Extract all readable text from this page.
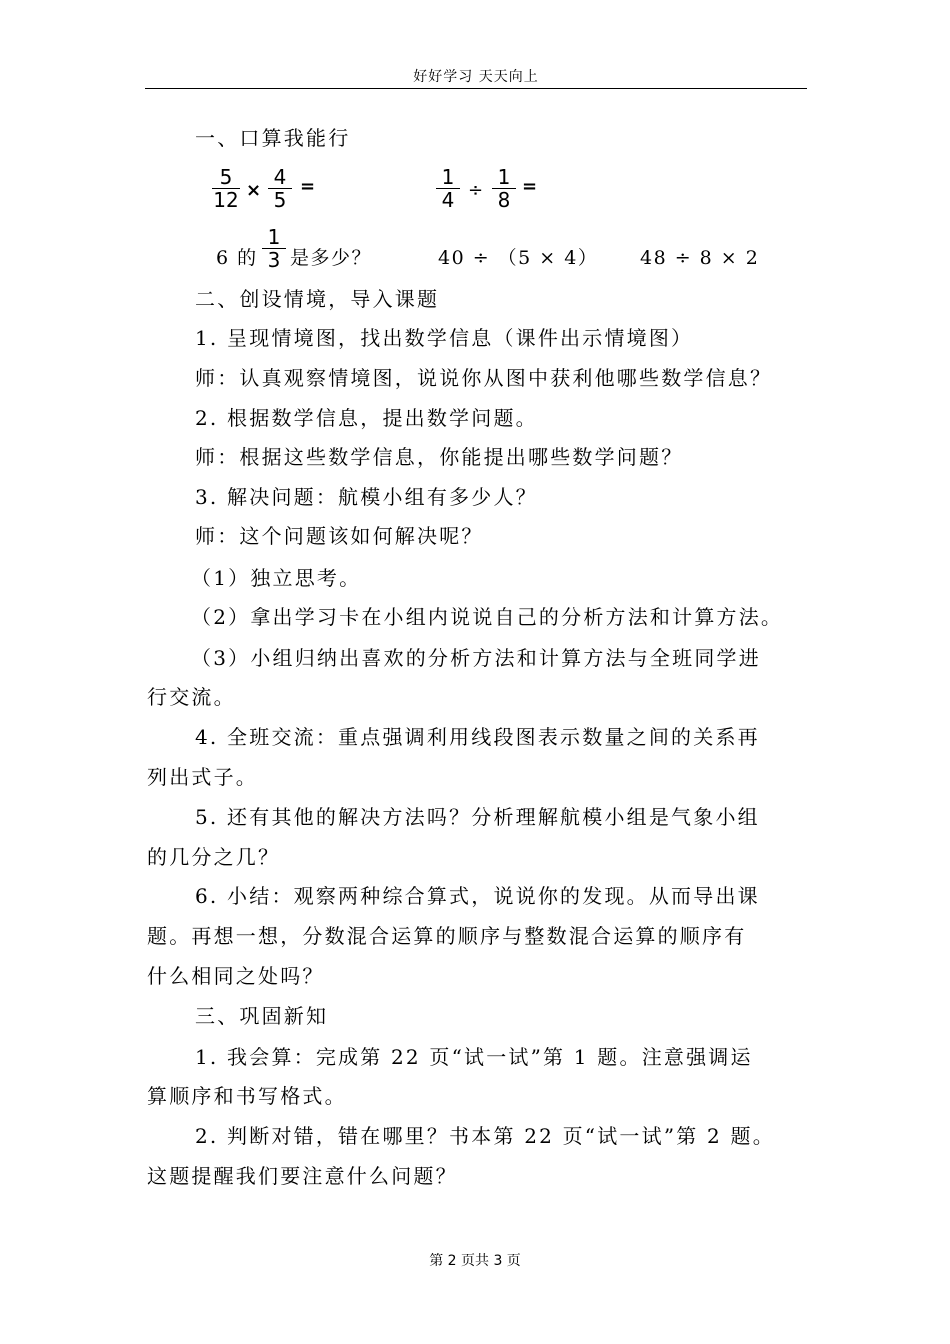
好好学习 天天向上
一、口算我能行
5
12 ×
4
5
=	1
4 ÷
1
8
=
6 的
1
3 是多少？	40 ÷ （5 × 4） 48 ÷ 8 × 2
二、创设情境，导入课题
1. 呈现情境图，找出数学信息（课件出示情境图）
师：认真观察情境图，说说你从图中获利他哪些数学信息？
2. 根据数学信息，提出数学问题。
师：根据这些数学信息，你能提出哪些数学问题？
3. 解决问题：航模小组有多少人？
师：这个问题该如何解决呢？
（1）独立思考。
（2）拿出学习卡在小组内说说自己的分析方法和计算方法。
（3）小组归纳出喜欢的分析方法和计算方法与全班同学进
行交流。
4. 全班交流：重点强调利用线段图表示数量之间的关系再
列出式子。
5. 还有其他的解决方法吗？分析理解航模小组是气象小组
的几分之几？
6. 小结：观察两种综合算式，说说你的发现。从而导出课
题。再想一想，分数混合运算的顺序与整数混合运算的顺序有
什么相同之处吗？
三、巩固新知
1. 我会算：完成第 22 页“试一试”第 1 题。注意强调运
算顺序和书写格式。
2. 判断对错，错在哪里？书本第 22 页“试一试”第 2 题。
这题提醒我们要注意什么问题？
第 2 页共 3 页
